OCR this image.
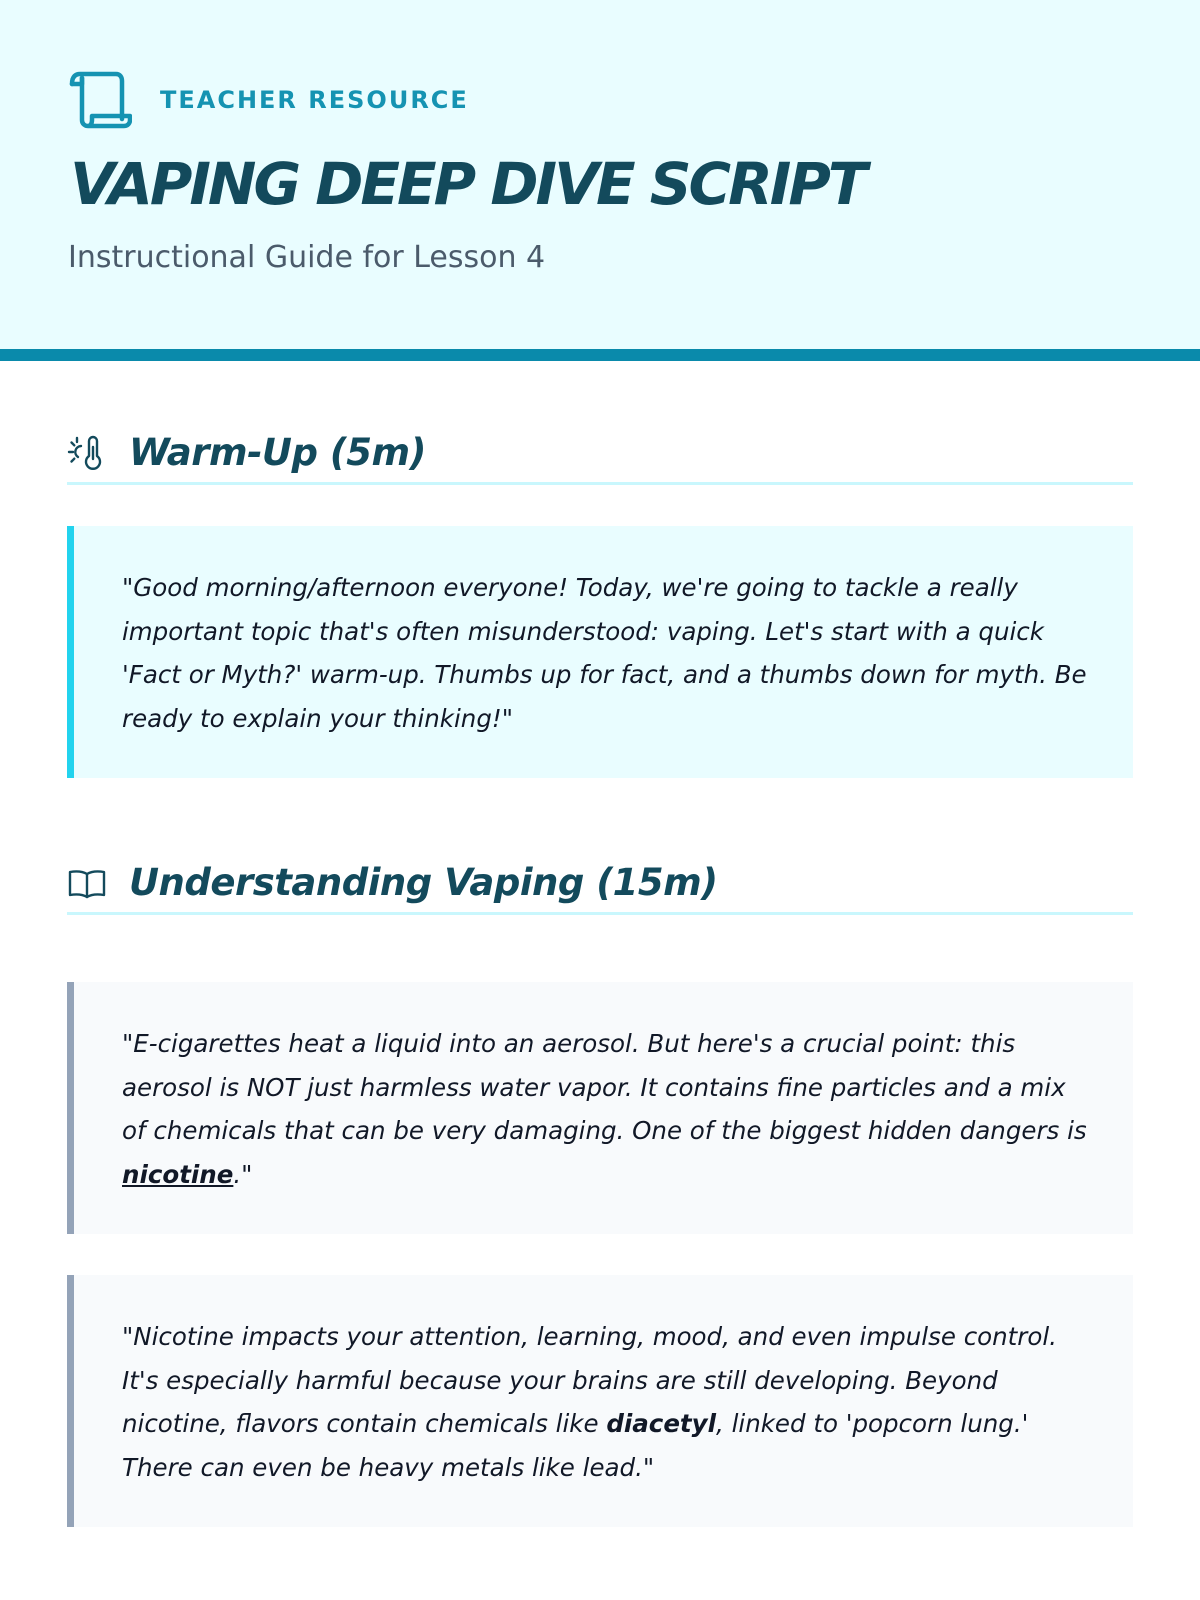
TEACHER RESOURCE
VAPING DEEP DIVE SCRIPT
Instructional Guide for Lesson 4
Warm-Up (5m)

"Good morning/afternoon everyone! Today, we're going to tackle a really important topic that's often misunderstood: vaping. Let's start with a quick 'Fact or Myth?' warm-up. Thumbs up for fact, and a thumbs down for myth. Be ready to explain your thinking!"

Understanding Vaping (15m)

"E-cigarettes heat a liquid into an aerosol. But here's a crucial point: this aerosol is NOT just harmless water vapor. It contains fine particles and a mix of chemicals that can be very damaging. One of the biggest hidden dangers is nicotine."

"Nicotine impacts your attention, learning, mood, and even impulse control. It's especially harmful because your brains are still developing. Beyond nicotine, flavors contain chemicals like diacetyl, linked to 'popcorn lung.' There can even be heavy metals like lead."
